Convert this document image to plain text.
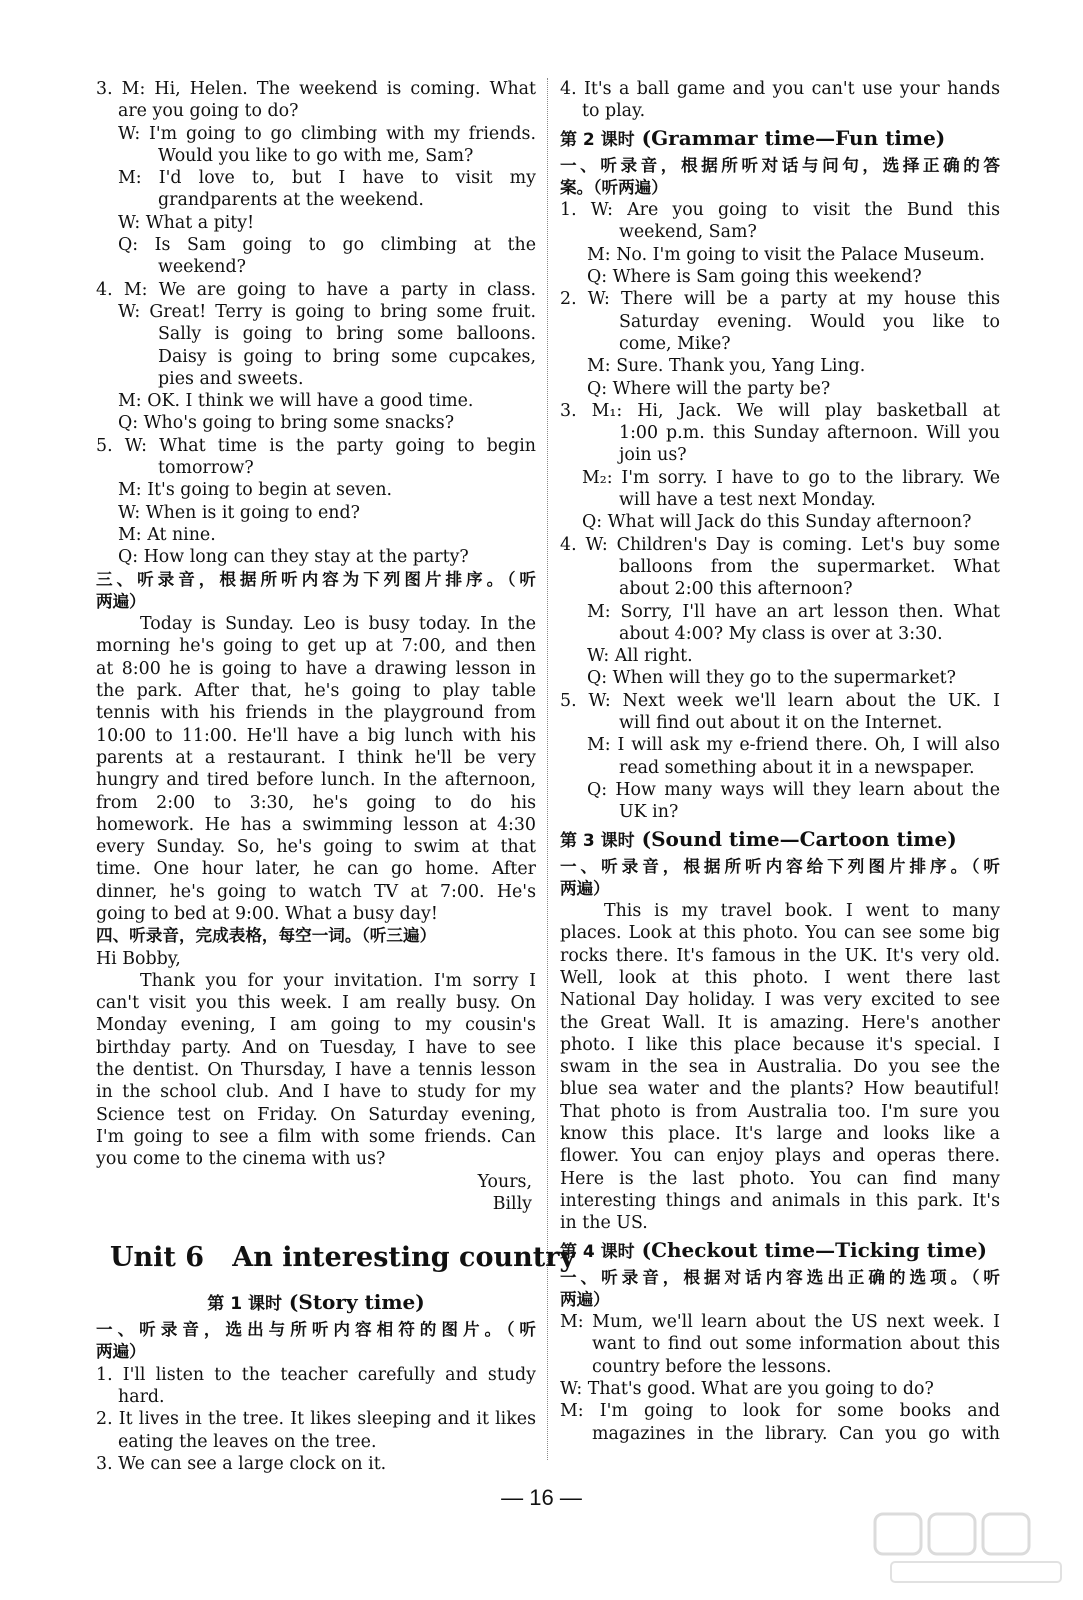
3. M: Hi, Helen. The weekend is coming. What
are you going to do?
W: I'm going to go climbing with my friends.
Would you like to go with me, Sam?
M: I'd love to, but I have to visit my
grandparents at the weekend.
W: What a pity!
Q: Is Sam going to go climbing at the
weekend?
4. M: We are going to have a party in class.
W: Great! Terry is going to bring some fruit.
Sally is going to bring some balloons.
Daisy is going to bring some cupcakes,
pies and sweets.
M: OK. I think we will have a good time.
Q: Who's going to bring some snacks?
5. W: What time is the party going to begin
tomorrow?
M: It's going to begin at seven.
W: When is it going to end?
M: At nine.
Q: How long can they stay at the party?
三、听录音，根据所听内容为下列图片排序。（听
两遍）
Today is Sunday. Leo is busy today. In the
morning he's going to get up at 7:00, and then
at 8:00 he is going to have a drawing lesson in
the park. After that, he's going to play table
tennis with his friends in the playground from
10:00 to 11:00. He'll have a big lunch with his
parents at a restaurant. I think he'll be very
hungry and tired before lunch. In the afternoon,
from 2:00 to 3:30, he's going to do his
homework. He has a swimming lesson at 4:30
every Sunday. So, he's going to swim at that
time. One hour later, he can go home. After
dinner, he's going to watch TV at 7:00. He's
going to bed at 9:00. What a busy day!
四、听录音，完成表格，每空一词。（听三遍）
Hi Bobby,
Thank you for your invitation. I'm sorry I
can't visit you this week. I am really busy. On
Monday evening, I am going to my cousin's
birthday party. And on Tuesday, I have to see
the dentist. On Thursday, I have a tennis lesson
in the school club. And I have to study for my
Science test on Friday. On Saturday evening,
I'm going to see a film with some friends. Can
you come to the cinema with us?
Yours,
Billy
Unit 6   An interesting country
第 1 课时 (Story time)
一、听录音，选出与所听内容相符的图片。（听
两遍）
1. I'll listen to the teacher carefully and study
hard.
2. It lives in the tree. It likes sleeping and it likes
eating the leaves on the tree.
3. We can see a large clock on it.
4. It's a ball game and you can't use your hands
to play.
第 2 课时 (Grammar time—Fun time)
一、听录音，根据所听对话与问句，选择正确的答
案。（听两遍）
1. W: Are you going to visit the Bund this
weekend, Sam?
M: No. I'm going to visit the Palace Museum.
Q: Where is Sam going this weekend?
2. W: There will be a party at my house this
Saturday evening. Would you like to
come, Mike?
M: Sure. Thank you, Yang Ling.
Q: Where will the party be?
3. M₁: Hi, Jack. We will play basketball at
1:00 p.m. this Sunday afternoon. Will you
join us?
M₂: I'm sorry. I have to go to the library. We
will have a test next Monday.
Q: What will Jack do this Sunday afternoon?
4. W: Children's Day is coming. Let's buy some
balloons from the supermarket. What
about 2:00 this afternoon?
M: Sorry, I'll have an art lesson then. What
about 4:00? My class is over at 3:30.
W: All right.
Q: When will they go to the supermarket?
5. W: Next week we'll learn about the UK. I
will find out about it on the Internet.
M: I will ask my e-friend there. Oh, I will also
read something about it in a newspaper.
Q: How many ways will they learn about the
UK in?
第 3 课时 (Sound time—Cartoon time)
一、听录音，根据所听内容给下列图片排序。（听
两遍）
This is my travel book. I went to many
places. Look at this photo. You can see some big
rocks there. It's famous in the UK. It's very old.
Well, look at this photo. I went there last
National Day holiday. I was very excited to see
the Great Wall. It is amazing. Here's another
photo. I like this place because it's special. I
swam in the sea in Australia. Do you see the
blue sea water and the plants? How beautiful!
That photo is from Australia too. I'm sure you
know this place. It's large and looks like a
flower. You can enjoy plays and operas there.
Here is the last photo. You can find many
interesting things and animals in this park. It's
in the US.
第 4 课时 (Checkout time—Ticking time)
一、听录音，根据对话内容选出正确的选项。（听
两遍）
M: Mum, we'll learn about the US next week. I
want to find out some information about this
country before the lessons.
W: That's good. What are you going to do?
M: I'm going to look for some books and
magazines in the library. Can you go with
— 16 —
